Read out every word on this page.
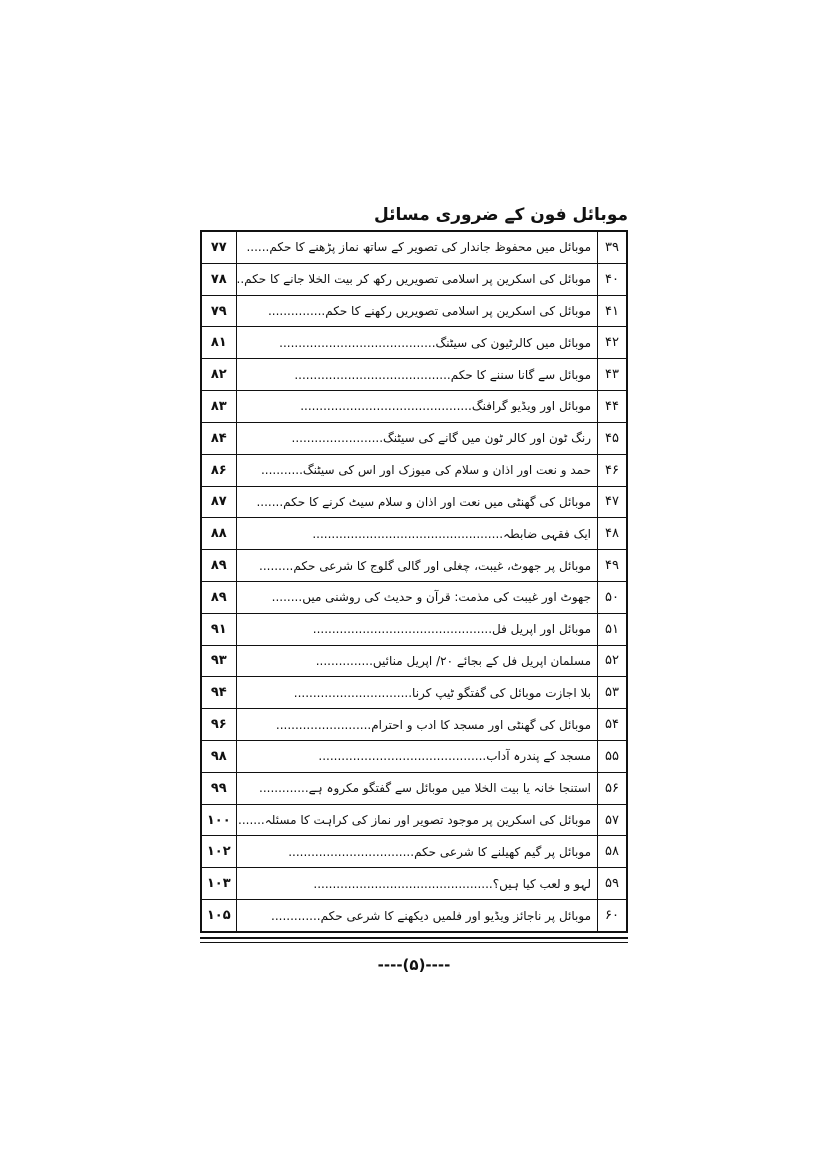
موبائل فون کے ضروری مسائل
۳۹	موبائل میں محفوظ جاندار کی تصویر کے ساتھ نماز پڑھنے کا حکم......	۷۷
۴۰	موبائل کی اسکرین پر اسلامی تصویریں رکھ کر بیت الخلا جانے کا حکم..	۷۸
۴۱	موبائل کی اسکرین پر اسلامی تصویریں رکھنے کا حکم...............	۷۹
۴۲	موبائل میں کالرٹیون کی سیٹنگ.........................................	۸۱
۴۳	موبائل سے گانا سننے کا حکم.........................................	۸۲
۴۴	موبائل اور ویڈیو گرافنگ.............................................	۸۳
۴۵	رنگ ٹون اور کالر ٹون میں گانے کی سیٹنگ........................	۸۴
۴۶	حمد و نعت اور اذان و سلام کی میوزک اور اس کی سیٹنگ...........	۸۶
۴۷	موبائل کی گھنٹی میں نعت اور اذان و سلام سیٹ کرنے کا حکم.......	۸۷
۴۸	ایک فقہی ضابطہ..................................................	۸۸
۴۹	موبائل پر جھوٹ، غیبت، چغلی اور گالی گلوج کا شرعی حکم.........	۸۹
۵۰	جھوٹ اور غیبت کی مذمت: قرآن و حدیث کی روشنی میں........	۸۹
۵۱	موبائل اور اپریل فل...............................................	۹۱
۵۲	مسلمان اپریل فل کے بجائے ۲۰/ اپریل منائیں...............	۹۳
۵۳	بلا اجازت موبائل کی گفتگو ٹیپ کرنا...............................	۹۴
۵۴	موبائل کی گھنٹی اور مسجد کا ادب و احترام.........................	۹۶
۵۵	مسجد کے پندرہ آداب............................................	۹۸
۵۶	استنجا خانہ یا بیت الخلا میں موبائل سے گفتگو مکروہ ہے.............	۹۹
۵۷	موبائل کی اسکرین پر موجود تصویر اور نماز کی کراہت کا مسئلہ.......	۱۰۰
۵۸	موبائل پر گیم کھیلنے کا شرعی حکم.................................	۱۰۲
۵۹	لہو و لعب کیا ہیں؟...............................................	۱۰۳
۶۰	موبائل پر ناجائز ویڈیو اور فلمیں دیکھنے کا شرعی حکم.............	۱۰۵
----(۵)----
